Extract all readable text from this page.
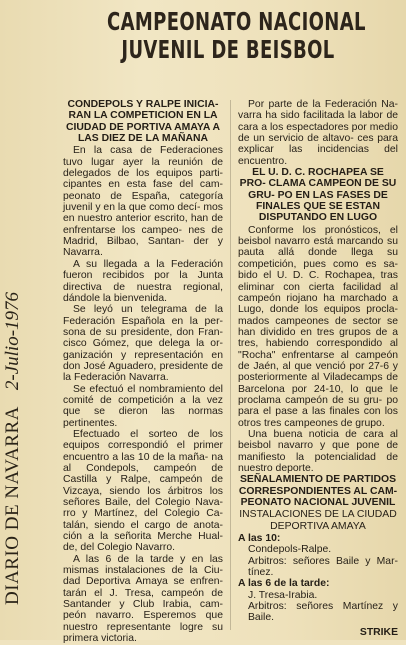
CAMPEONATO NACIONAL
JUVENIL DE BEISBOL
DIARIO DE NAVARRA2-Julio-1976

CONDEPOLS Y RALPE INICIA- RAN LA COMPETICION EN LA CIUDAD DE PORTIVA AMAYA A LAS DIEZ DE LA MAÑANA

En la casa de Federaciones tuvo lugar ayer la reunión de delegados de los equipos parti- cipantes en esta fase del cam- peonato de España, categoría juvenil y en la que como decí- mos en nuestro anterior escrito, han de enfrentarse los campeo- nes de Madrid, Bilbao, Santan- der y Navarra.

A su llegada a la Federación fueron recibidos por la Junta directiva de nuestra regional, dándole la bienvenida.

Se leyó un telegrama de la Federación Española en la per- sona de su presidente, don Fran- cisco Gómez, que delega la or- ganización y representación en don José Aguadero, presidente de la Federación Navarra.

Se efectuó el nombramiento del comité de competición a la vez que se dieron las normas pertinentes.

Efectuado el sorteo de los equipos correspondió el primer encuentro a las 10 de la maña- na al Condepols, campeón de Castilla y Ralpe, campeón de Vizcaya, siendo los árbitros los señores Baile, del Colegio Nava- rro y Martínez, del Colegio Ca- talán, siendo el cargo de anota- ción a la señorita Merche Hual- de, del Colegio Navarro.

A las 6 de la tarde y en las mismas instalaciones de la Ciu- dad Deportiva Amaya se enfren- tarán el J. Tresa, campeón de Santander y Club Irabia, cam- peón navarro. Esperemos que nuestro representante logre su primera victoria.

Por parte de la Federación Na- varra ha sido facilitada la labor de cara a los espectadores por medio de un servicio de altavo- ces para explicar las incidencias del encuentro.

EL U. D. C. ROCHAPEA SE PRO- CLAMA CAMPEON DE SU GRU- PO EN LAS FASES DE FINALES QUE SE ESTAN DISPUTANDO EN LUGO

Conforme los pronósticos, el beisbol navarro está marcando su pauta allá donde llega su competición, pues como es sa- bido el U. D. C. Rochapea, tras eliminar con cierta facilidad al campeón riojano ha marchado a Lugo, donde los equipos procla- mados campeones de sector se han dividido en tres grupos de a tres, habiendo correspondido al "Rocha" enfrentarse al campeón de Jaén, al que venció por 27-6 y posteriormente al Viladecamps de Barcelona por 24-10, lo que le proclama campeón de su gru- po para el pase a las finales con los otros tres campeones de grupo.

Una buena noticia de cara al beisbol navarro y que pone de manifiesto la potencialidad de nuestro deporte.

SEÑALAMIENTO DE PARTIDOS CORRESPONDIENTES AL CAM- PEONATO NACIONAL JUVENIL

INSTALACIONES DE LA CIUDAD DEPORTIVA AMAYA

A las 10:

Condepols-Ralpe.

Arbitros: señores Baile y Mar- tínez.

A las 6 de la tarde:

J. Tresa-Irabia.

Arbitros: señores Martínez y Baile.

STRIKE
